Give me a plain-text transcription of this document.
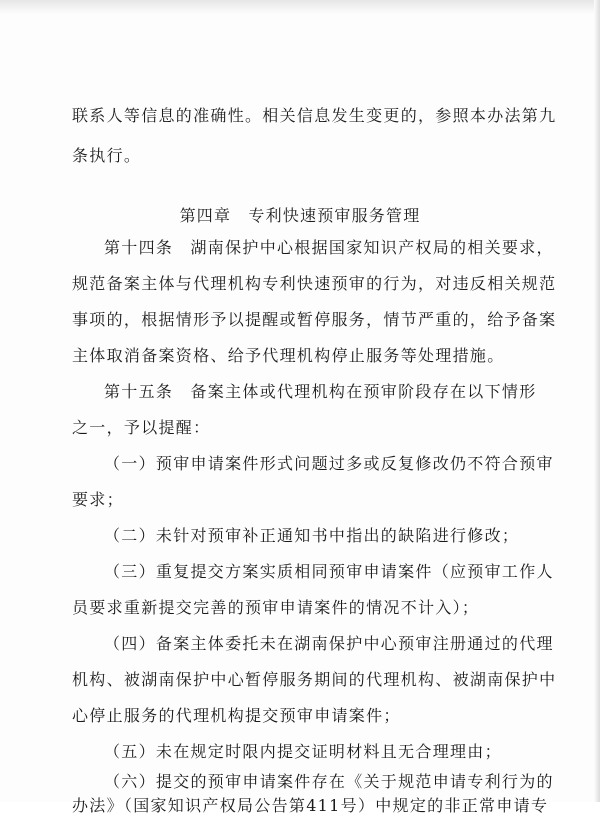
联系人等信息的准确性。相关信息发生变更的，参照本办法第九
条执行。
第四章　专利快速预审服务管理
第十四条　湖南保护中心根据国家知识产权局的相关要求，
规范备案主体与代理机构专利快速预审的行为，对违反相关规范
事项的，根据情形予以提醒或暂停服务，情节严重的，给予备案
主体取消备案资格、给予代理机构停止服务等处理措施。
第十五条　备案主体或代理机构在预审阶段存在以下情形
之一，予以提醒：
（一）预审申请案件形式问题过多或反复修改仍不符合预审
要求；
（二）未针对预审补正通知书中指出的缺陷进行修改；
（三）重复提交方案实质相同预审申请案件（应预审工作人
员要求重新提交完善的预审申请案件的情况不计入）；
（四）备案主体委托未在湖南保护中心预审注册通过的代理
机构、被湖南保护中心暂停服务期间的代理机构、被湖南保护中
心停止服务的代理机构提交预审申请案件；
（五）未在规定时限内提交证明材料且无合理理由；
（六）提交的预审申请案件存在《关于规范申请专利行为的
办法》（国家知识产权局公告第411号）中规定的非正常申请专
